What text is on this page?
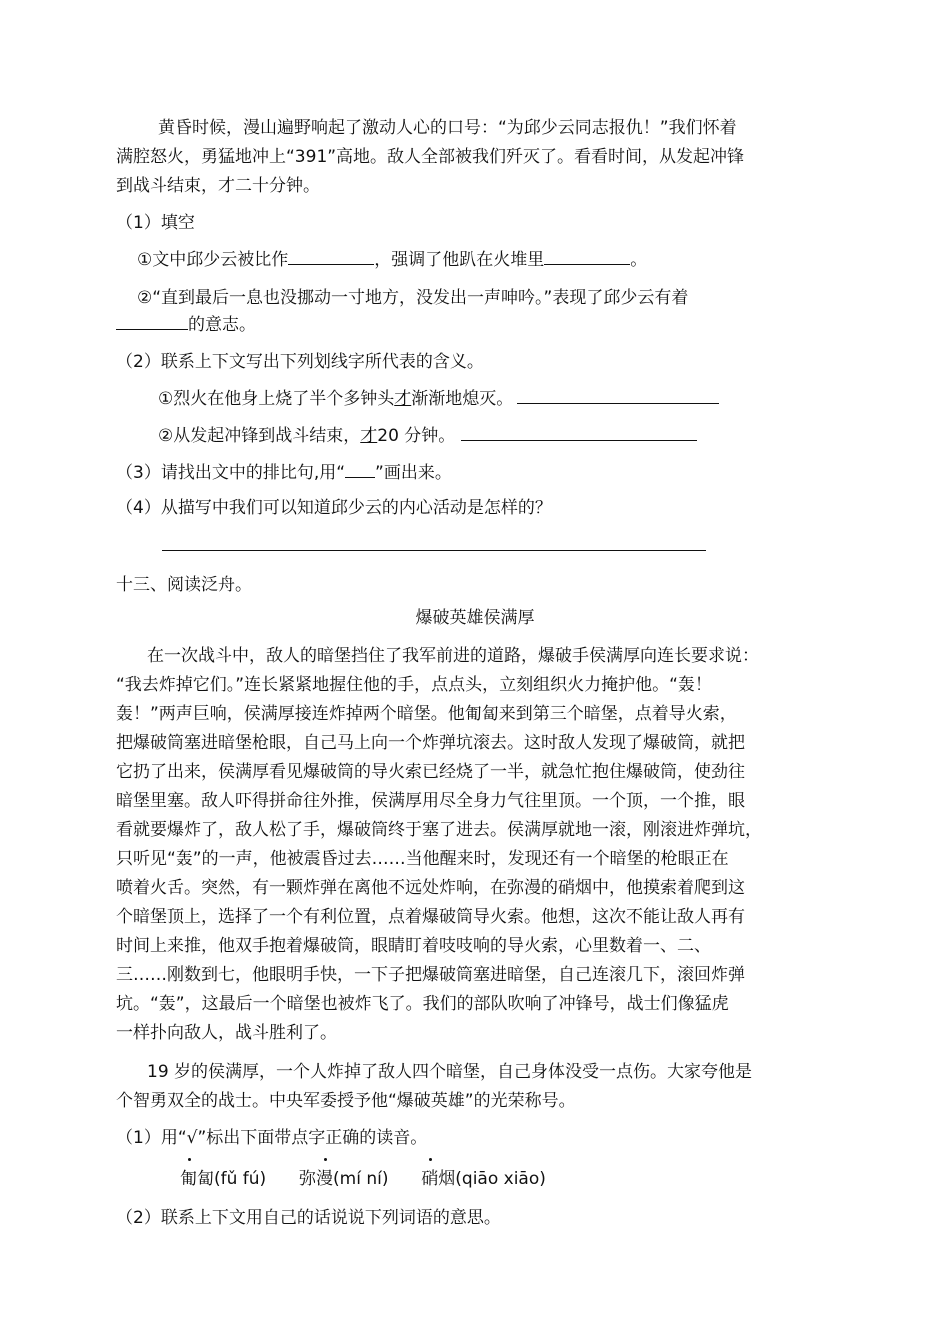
黄昏时候，漫山遍野响起了激动人心的口号：“为邱少云同志报仇！”我们怀着
满腔怒火，勇猛地冲上“391”高地。敌人全部被我们歼灭了。看看时间，从发起冲锋
到战斗结束，才二十分钟。
（1）填空
①文中邱少云被比作	，强调了他趴在火堆里	。
②“直到最后一息也没挪动一寸地方，没发出一声呻吟。”表现了邱少云有着
的意志。
（2）联系上下文写出下列划线字所代表的含义。
①烈火在他身上烧了半个多钟头才渐渐地熄灭。
②从发起冲锋到战斗结束，才20 分钟。
（3）请找出文中的排比句,用“ ”画出来。
（4）从描写中我们可以知道邱少云的内心活动是怎样的？
十三、阅读泛舟。
爆破英雄侯满厚
在一次战斗中，敌人的暗堡挡住了我军前进的道路，爆破手侯满厚向连长要求说：
“我去炸掉它们。”连长紧紧地握住他的手，点点头，立刻组织火力掩护他。“轰！
轰！”两声巨响，侯满厚接连炸掉两个暗堡。他匍匐来到第三个暗堡，点着导火索，
把爆破筒塞进暗堡枪眼，自己马上向一个炸弹坑滚去。这时敌人发现了爆破筒，就把
它扔了出来，侯满厚看见爆破筒的导火索已经烧了一半，就急忙抱住爆破筒，使劲往
暗堡里塞。敌人吓得拼命往外推，侯满厚用尽全身力气往里顶。一个顶，一个推，眼
看就要爆炸了，敌人松了手，爆破筒终于塞了进去。侯满厚就地一滚，刚滚进炸弹坑，
只听见“轰”的一声，他被震昏过去……当他醒来时，发现还有一个暗堡的枪眼正在
喷着火舌。突然，有一颗炸弹在离他不远处炸响，在弥漫的硝烟中，他摸索着爬到这
个暗堡顶上，选择了一个有利位置，点着爆破筒导火索。他想，这次不能让敌人再有
时间上来推，他双手抱着爆破筒，眼睛盯着吱吱响的导火索，心里数着一、二、
三……刚数到七，他眼明手快，一下子把爆破筒塞进暗堡，自己连滚几下，滚回炸弹
坑。“轰”，这最后一个暗堡也被炸飞了。我们的部队吹响了冲锋号，战士们像猛虎
一样扑向敌人，战斗胜利了。
19 岁的侯满厚，一个人炸掉了敌人四个暗堡，自己身体没受一点伤。大家夸他是
个智勇双全的战士。中央军委授予他“爆破英雄”的光荣称号。
（1）用“√”标出下面带点字正确的读音。
匍匐(fǔ fú) 弥
漫(mí ní) 硝烟(qiāo xiāo)
（2）联系上下文用自己的话说说下列词语的意思。
